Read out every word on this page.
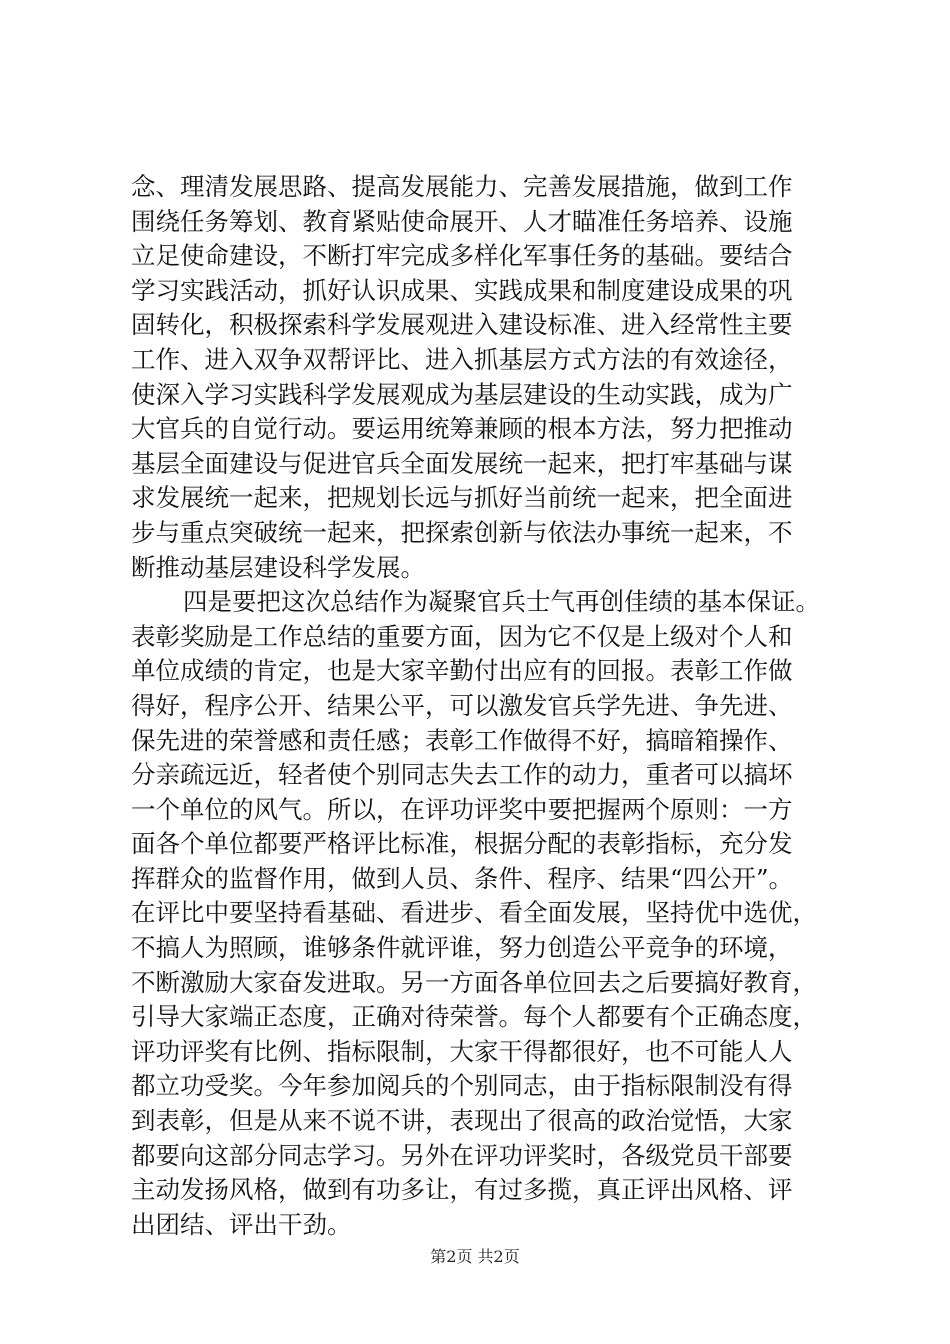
念、理清发展思路、提高发展能力、完善发展措施，做到工作
围绕任务筹划、教育紧贴使命展开、人才瞄准任务培养、设施
立足使命建设，不断打牢完成多样化军事任务的基础。要结合
学习实践活动，抓好认识成果、实践成果和制度建设成果的巩
固转化，积极探索科学发展观进入建设标准、进入经常性主要
工作、进入双争双帮评比、进入抓基层方式方法的有效途径，
使深入学习实践科学发展观成为基层建设的生动实践，成为广
大官兵的自觉行动。要运用统筹兼顾的根本方法，努力把推动
基层全面建设与促进官兵全面发展统一起来，把打牢基础与谋
求发展统一起来，把规划长远与抓好当前统一起来，把全面进
步与重点突破统一起来，把探索创新与依法办事统一起来，不
断推动基层建设科学发展。
四是要把这次总结作为凝聚官兵士气再创佳绩的基本保证。
表彰奖励是工作总结的重要方面，因为它不仅是上级对个人和
单位成绩的肯定，也是大家辛勤付出应有的回报。表彰工作做
得好，程序公开、结果公平，可以激发官兵学先进、争先进、
保先进的荣誉感和责任感；表彰工作做得不好，搞暗箱操作、
分亲疏远近，轻者使个别同志失去工作的动力，重者可以搞坏
一个单位的风气。所以，在评功评奖中要把握两个原则：一方
面各个单位都要严格评比标准，根据分配的表彰指标，充分发
挥群众的监督作用，做到人员、条件、程序、结果“四公开”。
在评比中要坚持看基础、看进步、看全面发展，坚持优中选优，
不搞人为照顾，谁够条件就评谁，努力创造公平竞争的环境，
不断激励大家奋发进取。另一方面各单位回去之后要搞好教育，
引导大家端正态度，正确对待荣誉。每个人都要有个正确态度，
评功评奖有比例、指标限制，大家干得都很好，也不可能人人
都立功受奖。今年参加阅兵的个别同志，由于指标限制没有得
到表彰，但是从来不说不讲，表现出了很高的政治觉悟，大家
都要向这部分同志学习。另外在评功评奖时，各级党员干部要
主动发扬风格，做到有功多让，有过多揽，真正评出风格、评
出团结、评出干劲。
第2页 共2页
